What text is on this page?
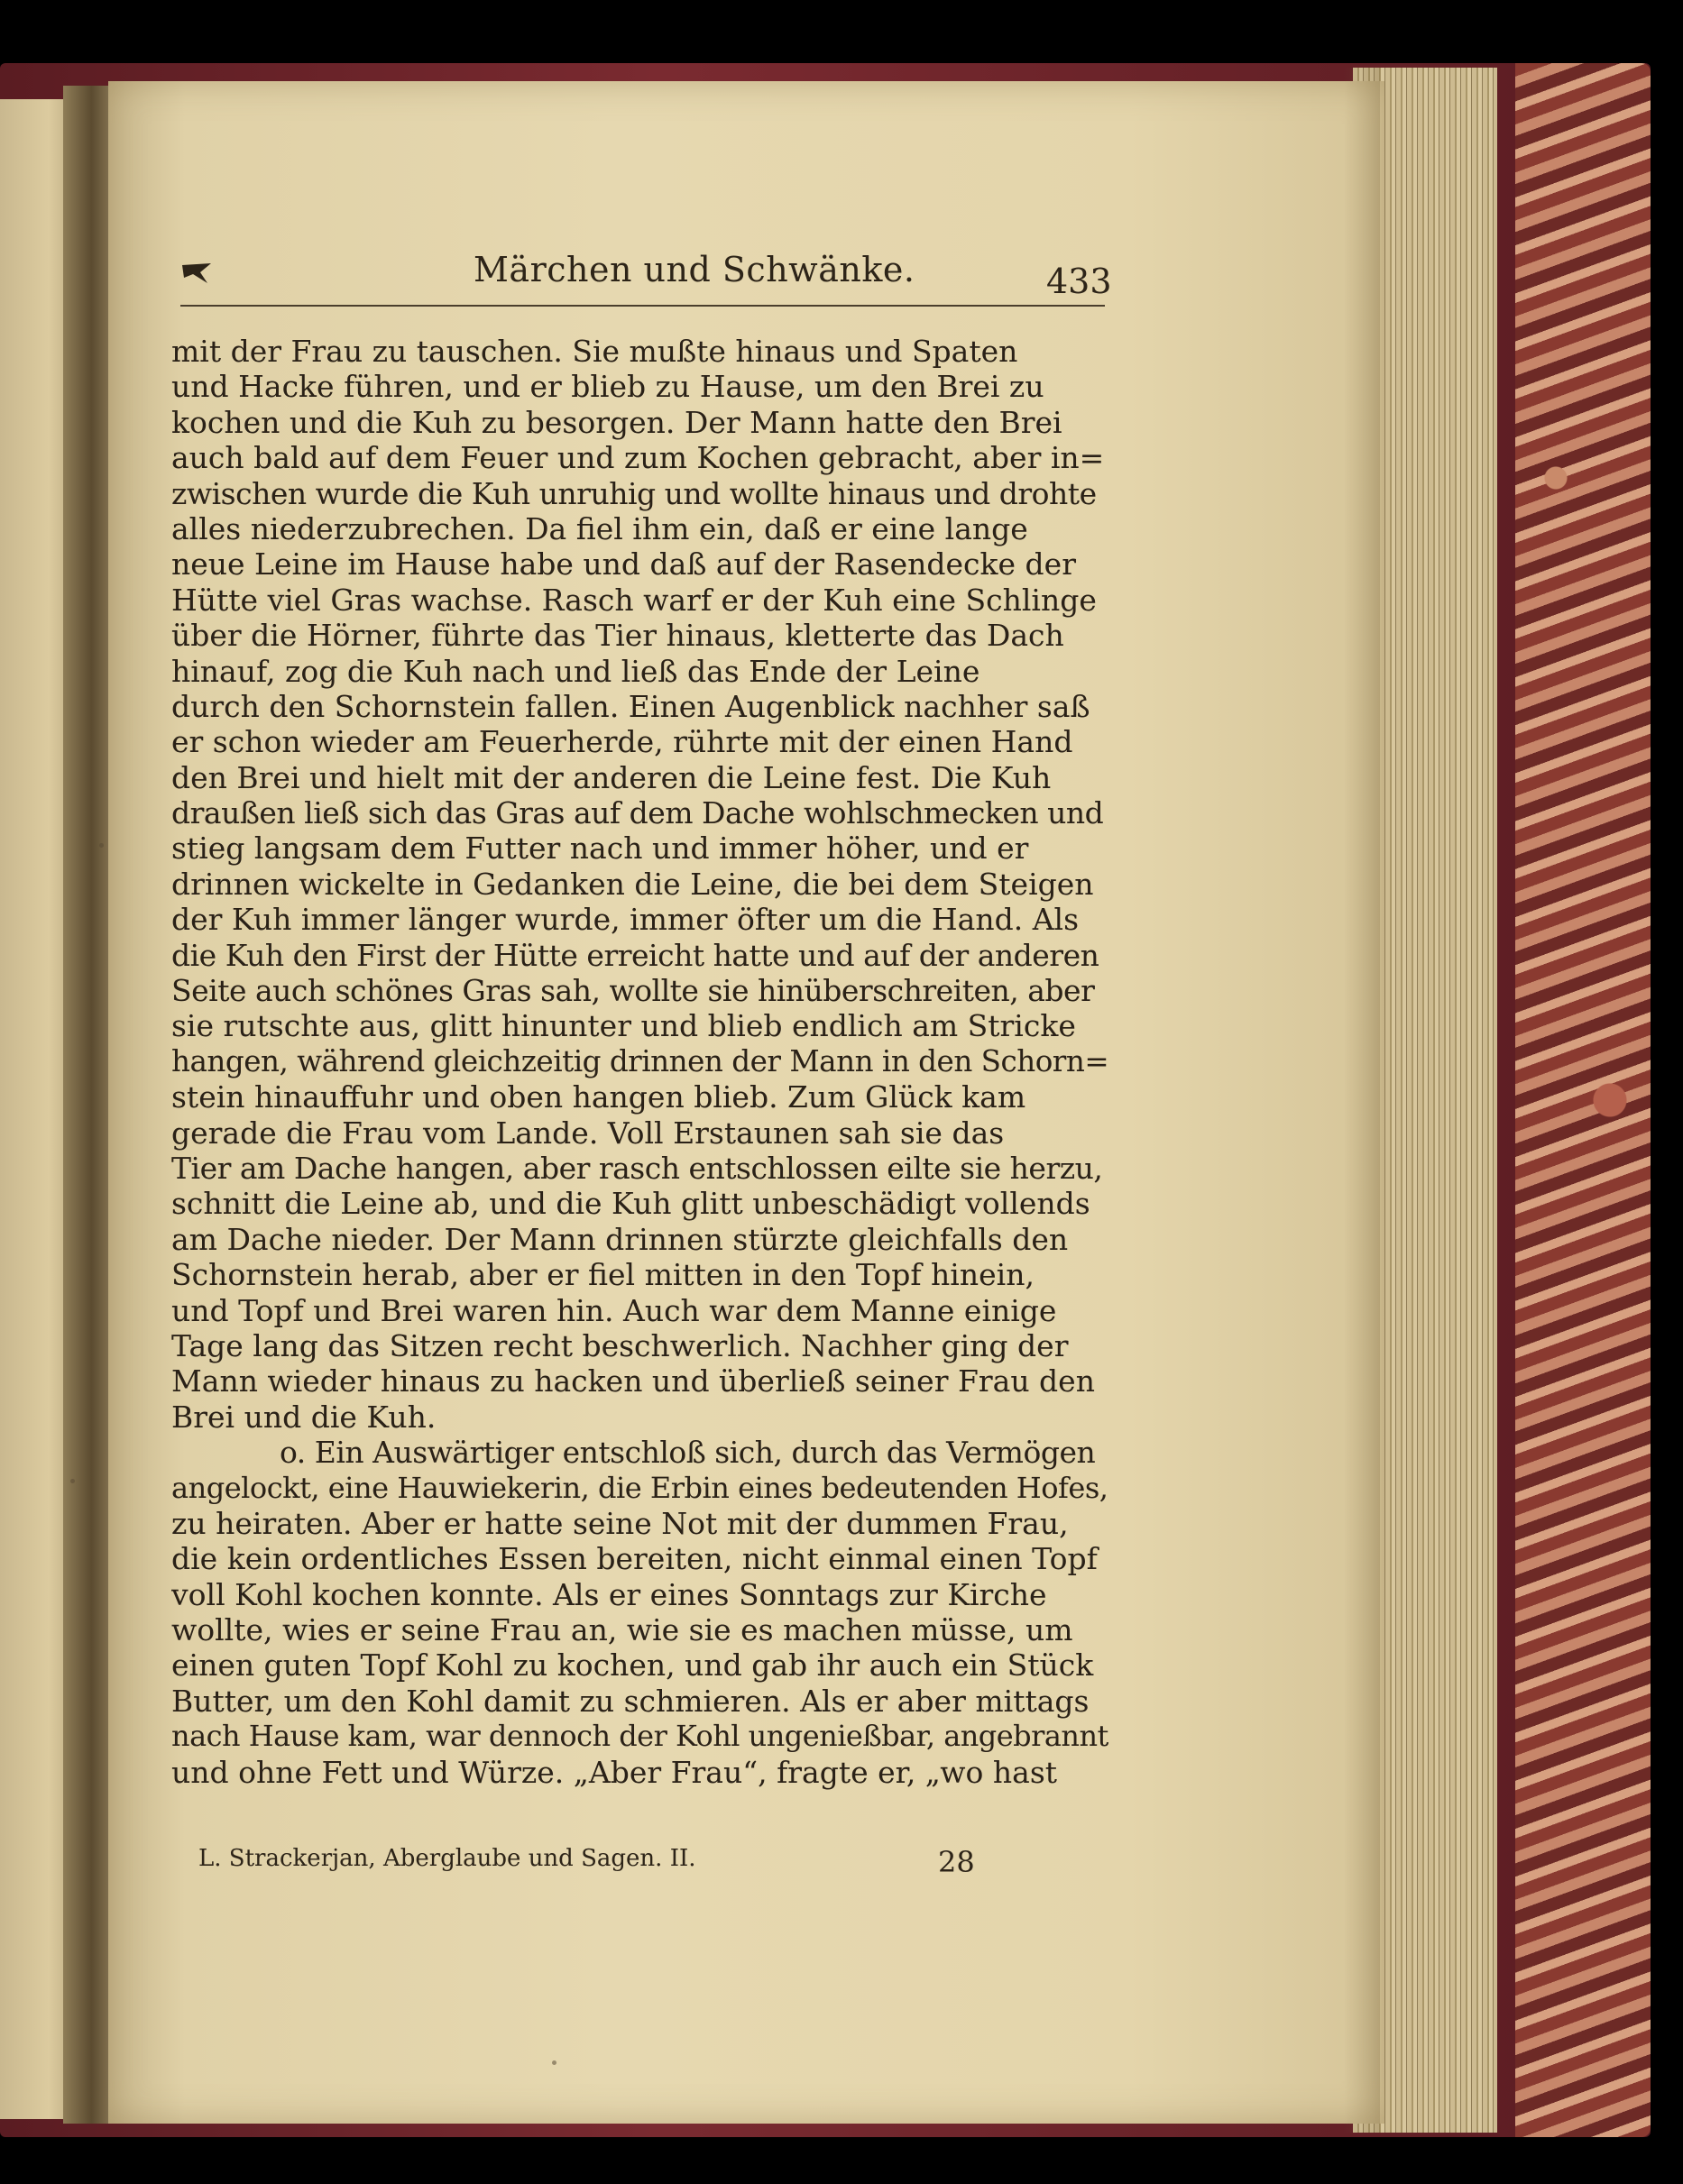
Märchen und Schwänke.	433
mit der Frau zu tauschen. Sie mußte hinaus und Spaten
und Hacke führen, und er blieb zu Hause, um den Brei zu
kochen und die Kuh zu besorgen. Der Mann hatte den Brei
auch bald auf dem Feuer und zum Kochen gebracht, aber in=
zwischen wurde die Kuh unruhig und wollte hinaus und drohte
alles niederzubrechen. Da fiel ihm ein, daß er eine lange
neue Leine im Hause habe und daß auf der Rasendecke der
Hütte viel Gras wachse. Rasch warf er der Kuh eine Schlinge
über die Hörner, führte das Tier hinaus, kletterte das Dach
hinauf, zog die Kuh nach und ließ das Ende der Leine
durch den Schornstein fallen. Einen Augenblick nachher saß
er schon wieder am Feuerherde, rührte mit der einen Hand
den Brei und hielt mit der anderen die Leine fest. Die Kuh
draußen ließ sich das Gras auf dem Dache wohlschmecken und
stieg langsam dem Futter nach und immer höher, und er
drinnen wickelte in Gedanken die Leine, die bei dem Steigen
der Kuh immer länger wurde, immer öfter um die Hand. Als
die Kuh den First der Hütte erreicht hatte und auf der anderen
Seite auch schönes Gras sah, wollte sie hinüberschreiten, aber
sie rutschte aus, glitt hinunter und blieb endlich am Stricke
hangen, während gleichzeitig drinnen der Mann in den Schorn=
stein hinauffuhr und oben hangen blieb. Zum Glück kam
gerade die Frau vom Lande. Voll Erstaunen sah sie das
Tier am Dache hangen, aber rasch entschlossen eilte sie herzu,
schnitt die Leine ab, und die Kuh glitt unbeschädigt vollends
am Dache nieder. Der Mann drinnen stürzte gleichfalls den
Schornstein herab, aber er fiel mitten in den Topf hinein,
und Topf und Brei waren hin. Auch war dem Manne einige
Tage lang das Sitzen recht beschwerlich. Nachher ging der
Mann wieder hinaus zu hacken und überließ seiner Frau den
Brei und die Kuh.
o. Ein Auswärtiger entschloß sich, durch das Vermögen
angelockt, eine Hauwiekerin, die Erbin eines bedeutenden Hofes,
zu heiraten. Aber er hatte seine Not mit der dummen Frau,
die kein ordentliches Essen bereiten, nicht einmal einen Topf
voll Kohl kochen konnte. Als er eines Sonntags zur Kirche
wollte, wies er seine Frau an, wie sie es machen müsse, um
einen guten Topf Kohl zu kochen, und gab ihr auch ein Stück
Butter, um den Kohl damit zu schmieren. Als er aber mittags
nach Hause kam, war dennoch der Kohl ungenießbar, angebrannt
und ohne Fett und Würze. „Aber Frau“, fragte er, „wo hast
L. Strackerjan, Aberglaube und Sagen. II.	28
